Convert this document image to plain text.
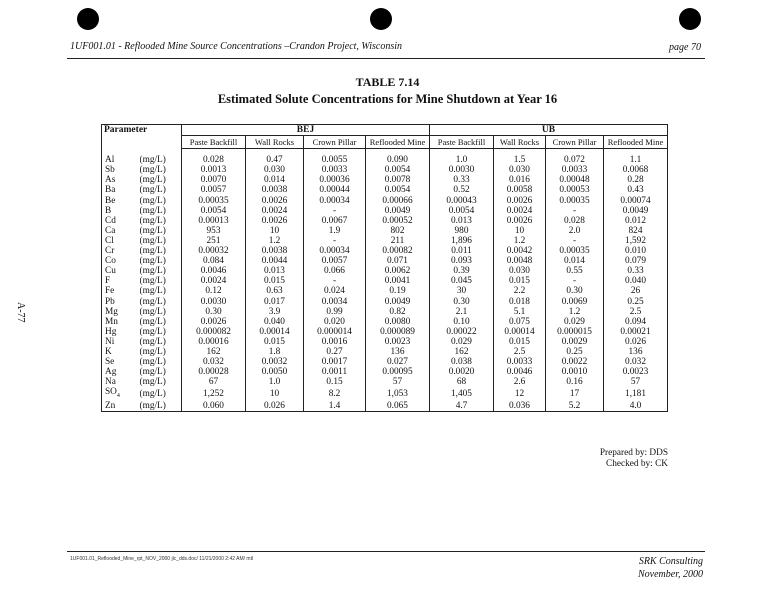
1UF001.01 - Reflooded Mine Source Concentrations –Crandon Project, Wisconsin	page 70
A-77
TABLE 7.14
Estimated Solute Concentrations for Mine Shutdown at Year 16
Parameter		BEJ				UB			
		Paste Backfill	Wall Rocks	Crown Pillar	Reflooded Mine	Paste Backfill	Wall Rocks	Crown Pillar	Reflooded Mine

Al	(mg/L)	0.028	0.47	0.0055	0.090	1.0	1.5	0.072	1.1
Sb	(mg/L)	0.0013	0.030	0.0033	0.0054	0.0030	0.030	0.0033	0.0068
As	(mg/L)	0.0070	0.014	0.00036	0.0078	0.33	0.016	0.00048	0.28
Ba	(mg/L)	0.0057	0.0038	0.00044	0.0054	0.52	0.0058	0.00053	0.43
Be	(mg/L)	0.00035	0.0026	0.00034	0.00066	0.00043	0.0026	0.00035	0.00074
B	(mg/L)	0.0054	0.0024	-	0.0049	0.0054	0.0024	-	0.0049
Cd	(mg/L)	0.00013	0.0026	0.0067	0.00052	0.013	0.0026	0.028	0.012
Ca	(mg/L)	953	10	1.9	802	980	10	2.0	824
Cl	(mg/L)	251	1.2	-	211	1,896	1.2	-	1,592
Cr	(mg/L)	0.00032	0.0038	0.00034	0.00082	0.011	0.0042	0.00035	0.010
Co	(mg/L)	0.084	0.0044	0.0057	0.071	0.093	0.0048	0.014	0.079
Cu	(mg/L)	0.0046	0.013	0.066	0.0062	0.39	0.030	0.55	0.33
F	(mg/L)	0.0024	0.015	-	0.0041	0.045	0.015	-	0.040
Fe	(mg/L)	0.12	0.63	0.024	0.19	30	2.2	0.30	26
Pb	(mg/L)	0.0030	0.017	0.0034	0.0049	0.30	0.018	0.0069	0.25
Mg	(mg/L)	0.30	3.9	0.99	0.82	2.1	5.1	1.2	2.5
Mn	(mg/L)	0.0026	0.040	0.020	0.0080	0.10	0.075	0.029	0.094
Hg	(mg/L)	0.000082	0.00014	0.000014	0.000089	0.00022	0.00014	0.000015	0.00021
Ni	(mg/L)	0.00016	0.015	0.0016	0.0023	0.029	0.015	0.0029	0.026
K	(mg/L)	162	1.8	0.27	136	162	2.5	0.25	136
Se	(mg/L)	0.032	0.0032	0.0017	0.027	0.038	0.0033	0.0022	0.032
Ag	(mg/L)	0.00028	0.0050	0.0011	0.00095	0.0020	0.0046	0.0010	0.0023
Na	(mg/L)	67	1.0	0.15	57	68	2.6	0.16	57
$SO_4$	(mg/L)	1,252	10	8.2	1,053	1,405	12	17	1,181
Zn	(mg/L)	0.060	0.026	1.4	0.065	4.7	0.036	5.2	4.0
Prepared by: DDS
Checked by: CK
1UF001.01_Reflooded_Mine_rpt_NOV_2000 jlc_dds.doc/ 11/21/2000 2:42 AM/ mtl	SRK Consulting
November, 2000
